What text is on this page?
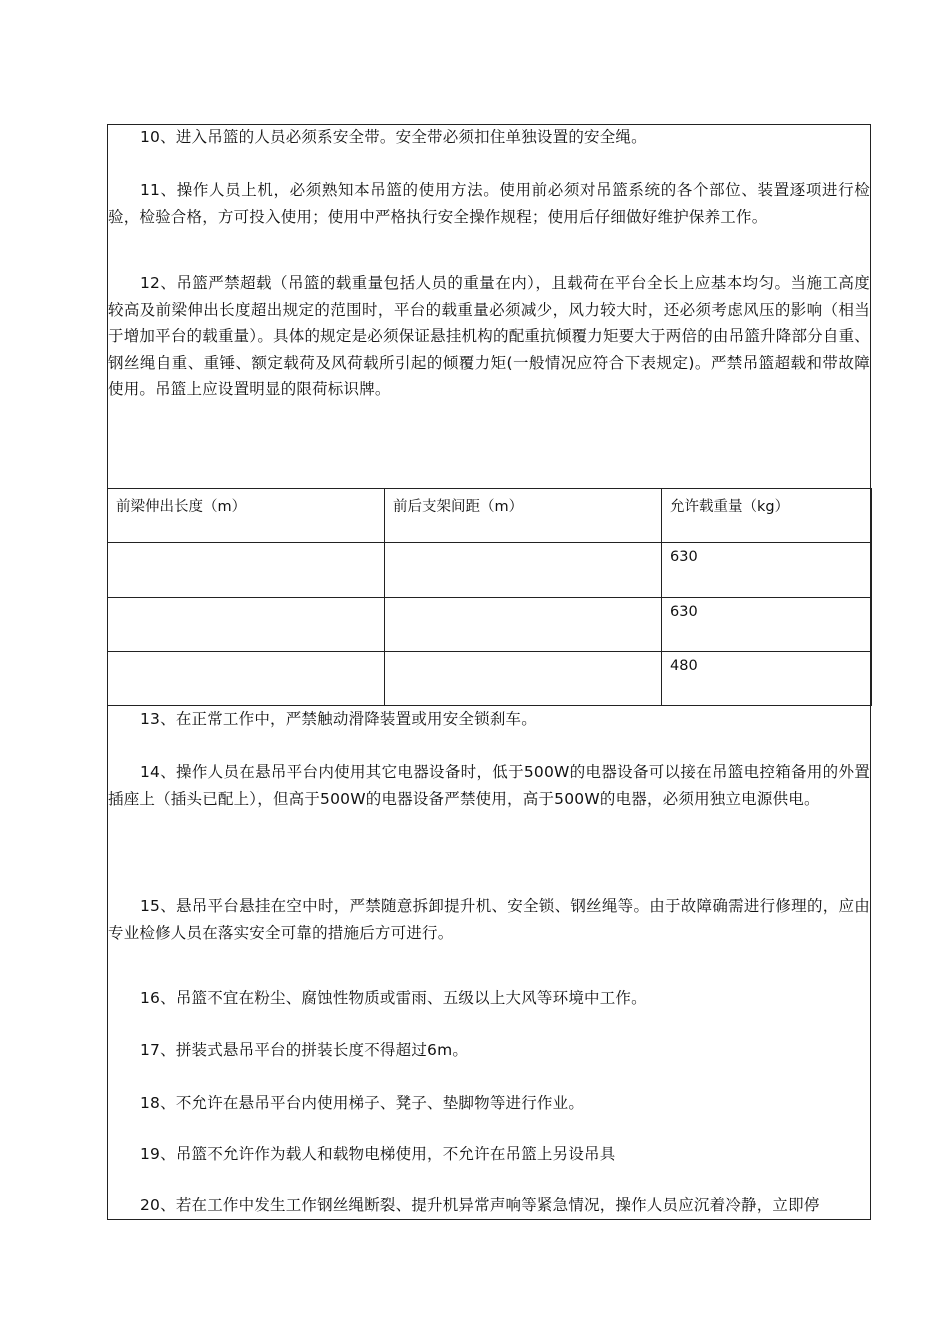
10、进入吊篮的人员必须系安全带。安全带必须扣住单独设置的安全绳。

11、操作人员上机，必须熟知本吊篮的使用方法。使用前必须对吊篮系统的各个部位、装置逐项进行检验，检验合格，方可投入使用；使用中严格执行安全操作规程；使用后仔细做好维护保养工作。

12、吊篮严禁超载（吊篮的载重量包括人员的重量在内），且载荷在平台全长上应基本均匀。当施工高度较高及前梁伸出长度超出规定的范围时，平台的载重量必须减少，风力较大时，还必须考虑风压的影响（相当于增加平台的载重量）。具体的规定是必须保证悬挂机构的配重抗倾覆力矩要大于两倍的由吊篮升降部分自重、钢丝绳自重、重锤、额定载荷及风荷载所引起的倾覆力矩(一般情况应符合下表规定)。严禁吊篮超载和带故障使用。吊篮上应设置明显的限荷标识牌。

前梁伸出长度（m）	前后支架间距（m）	允许载重量（kg）
		630
		630
		480

13、在正常工作中，严禁触动滑降装置或用安全锁刹车。

14、操作人员在悬吊平台内使用其它电器设备时，低于500W的电器设备可以接在吊篮电控箱备用的外置插座上（插头已配上），但高于500W的电器设备严禁使用，高于500W的电器，必须用独立电源供电。

15、悬吊平台悬挂在空中时，严禁随意拆卸提升机、安全锁、钢丝绳等。由于故障确需进行修理的，应由专业检修人员在落实安全可靠的措施后方可进行。

16、吊篮不宜在粉尘、腐蚀性物质或雷雨、五级以上大风等环境中工作。

17、拼装式悬吊平台的拼装长度不得超过6m。

18、不允许在悬吊平台内使用梯子、凳子、垫脚物等进行作业。

19、吊篮不允许作为载人和载物电梯使用，不允许在吊篮上另设吊具

20、若在工作中发生工作钢丝绳断裂、提升机异常声响等紧急情况，操作人员应沉着冷静，立即停
